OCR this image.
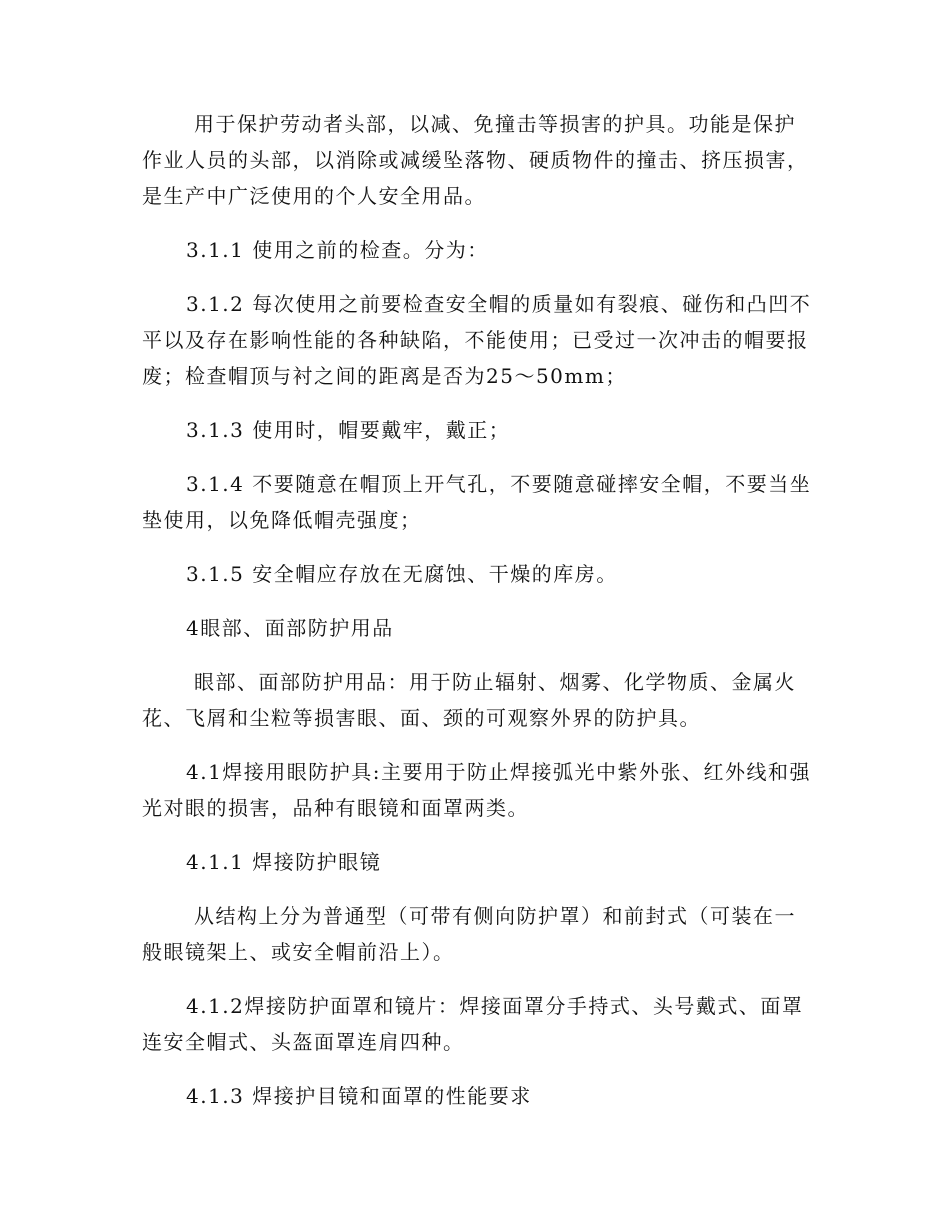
用于保护劳动者头部，以减、免撞击等损害的护具。功能是保护作业人员的头部，以消除或减缓坠落物、硬质物件的撞击、挤压损害，是生产中广泛使用的个人安全用品。

3.1.1 使用之前的检查。分为：

3.1.2 每次使用之前要检查安全帽的质量如有裂痕、碰伤和凸凹不平以及存在影响性能的各种缺陷，不能使用；已受过一次冲击的帽要报废；检查帽顶与衬之间的距离是否为25～50mm；

3.1.3 使用时，帽要戴牢，戴正；

3.1.4 不要随意在帽顶上开气孔，不要随意碰摔安全帽，不要当坐垫使用，以免降低帽壳强度；

3.1.5 安全帽应存放在无腐蚀、干燥的库房。

4眼部、面部防护用品

眼部、面部防护用品：用于防止辐射、烟雾、化学物质、金属火花、飞屑和尘粒等损害眼、面、颈的可观察外界的防护具。

4.1焊接用眼防护具:主要用于防止焊接弧光中紫外张、红外线和强光对眼的损害，品种有眼镜和面罩两类。

4.1.1 焊接防护眼镜

从结构上分为普通型（可带有侧向防护罩）和前封式（可装在一般眼镜架上、或安全帽前沿上）。

4.1.2焊接防护面罩和镜片：焊接面罩分手持式、头号戴式、面罩连安全帽式、头盔面罩连肩四种。

4.1.3 焊接护目镜和面罩的性能要求
